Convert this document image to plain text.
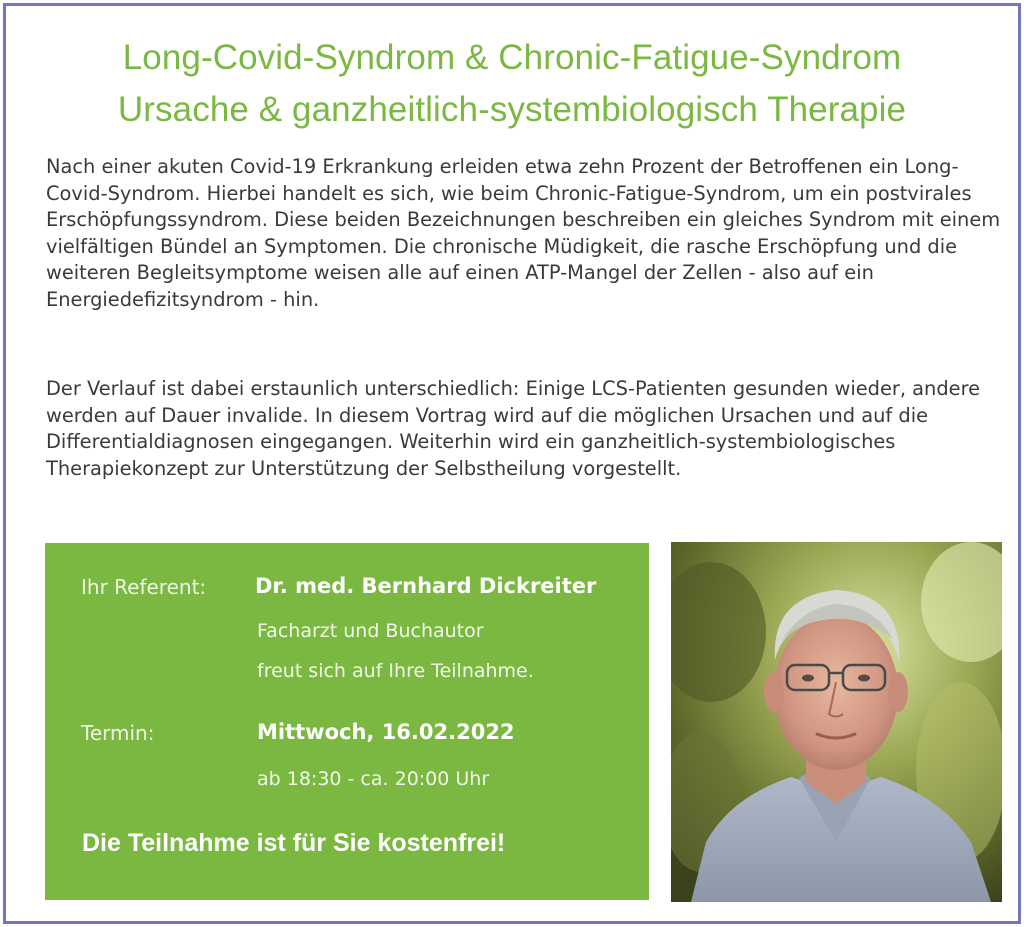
Long-Covid-Syndrom & Chronic-Fatigue-Syndrom
Ursache & ganzheitlich-systembiologisch Therapie
Nach einer akuten Covid-19 Erkrankung erleiden etwa zehn Prozent der Betroffenen ein Long-Covid-Syndrom. Hierbei handelt es sich, wie beim Chronic-Fatigue-Syndrom, um ein postvirales Erschöpfungssyndrom. Diese beiden Bezeichnungen beschreiben ein gleiches Syndrom mit einem vielfältigen Bündel an Symptomen. Die chronische Müdigkeit, die rasche Erschöpfung und die weiteren Begleitsymptome weisen alle auf einen ATP-Mangel der Zellen - also auf ein Energiedefizitsyndrom - hin.
Der Verlauf ist dabei erstaunlich unterschiedlich: Einige LCS-Patienten gesunden wieder, andere werden auf Dauer invalide. In diesem Vortrag wird auf die möglichen Ursachen und auf die Differentialdiagnosen eingegangen. Weiterhin wird ein ganzheitlich-systembiologisches Therapiekonzept zur Unterstützung der Selbstheilung vorgestellt.
Ihr Referent: Dr. med. Bernhard Dickreiter
Facharzt und Buchautor
freut sich auf Ihre Teilnahme.
Termin:	Mittwoch, 16.02.2022
ab 18:30 - ca. 20:00 Uhr
Die Teilnahme ist für Sie kostenfrei!
